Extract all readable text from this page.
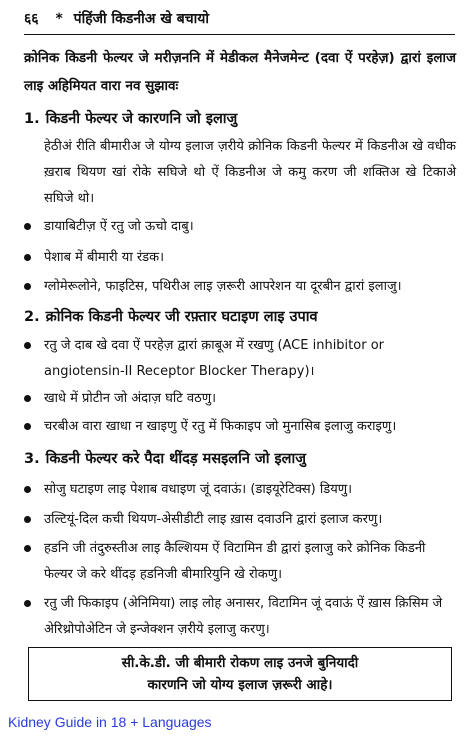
६६ * पंहिंजी किडनीअ खे बचायो
क्रोनिक किडनी फेल्यर जे मरीज़ननि में मेडीकल मैनेजमेन्ट (दवा ऐं परहेज़) द्वारां इलाज लाइ अहिमियत वारा नव सुझावः
1. किडनी फेल्यर जे कारणनि जो इलाजु
हेठीअं रीति बीमारीअ जे योग्य इलाज ज़रीये क्रोनिक किडनी फेल्यर में किडनीअ खे वधीक ख़राब थियण खां रोके सघिजे थो ऐं किडनीअ जे कमु करण जी शक्तिअ खे टिकाअे सघिजे थो।
डायाबिटीज़ ऐं रतु जो ऊचो दाबु।
पेशाब में बीमारी या रंडक।
ग्लोमेरूलोने, फाइटिस, पथिरीअ लाइ ज़रूरी आपरेशन या दूरबीन द्वारां इलाजु।
2. क्रोनिक किडनी फेल्यर जी रफ़्तार घटाइण लाइ उपाव
रतु जे दाब खे दवा ऐं परहेज़ द्वारां क़ाबूअ में रखणु (ACE inhibitor or angiotensin-II Receptor Blocker Therapy)।
खाधे में प्रोटीन जो अंदाज़ घटि वठणु।
चरबीअ वारा खाधा न खाइणु ऐं रतु में फिकाइप जो मुनासिब इलाजु कराइणु।
3. किडनी फेल्यर करे पैदा थींदड़ मसइलनि जो इलाजु
सोजु घटाइण लाइ पेशाब वधाइण जूं दवाऊं। (डाइयूरेटिक्स) डियणु।
उल्टियूं-दिल कची थियण-अेसीडीटी लाइ ख़ास दवाउनि द्वारां इलाज करणु।
हडनि जी तंदुरुस्तीअ लाइ कैल्शियम ऐं विटामिन डी द्वारां इलाजु करे क्रोनिक किडनी फेल्यर जे करे थींदड़ हडनिजी बीमारियुनि खे रोकणु।
रतु जी फिकाइप (अेनिमिया) लाइ लोह अनासर, विटामिन जूं दवाऊं ऐं ख़ास क़िसिम जे अेरिथ्रोपोअेटिन जे इन्जेक्शन ज़रीये इलाजु करणु।
सी.के.डी. जी बीमारी रोकण लाइ उनजे बुनियादी
कारणनि जो योग्य इलाज ज़रूरी आहे।
Kidney Guide in 18 + Languages
